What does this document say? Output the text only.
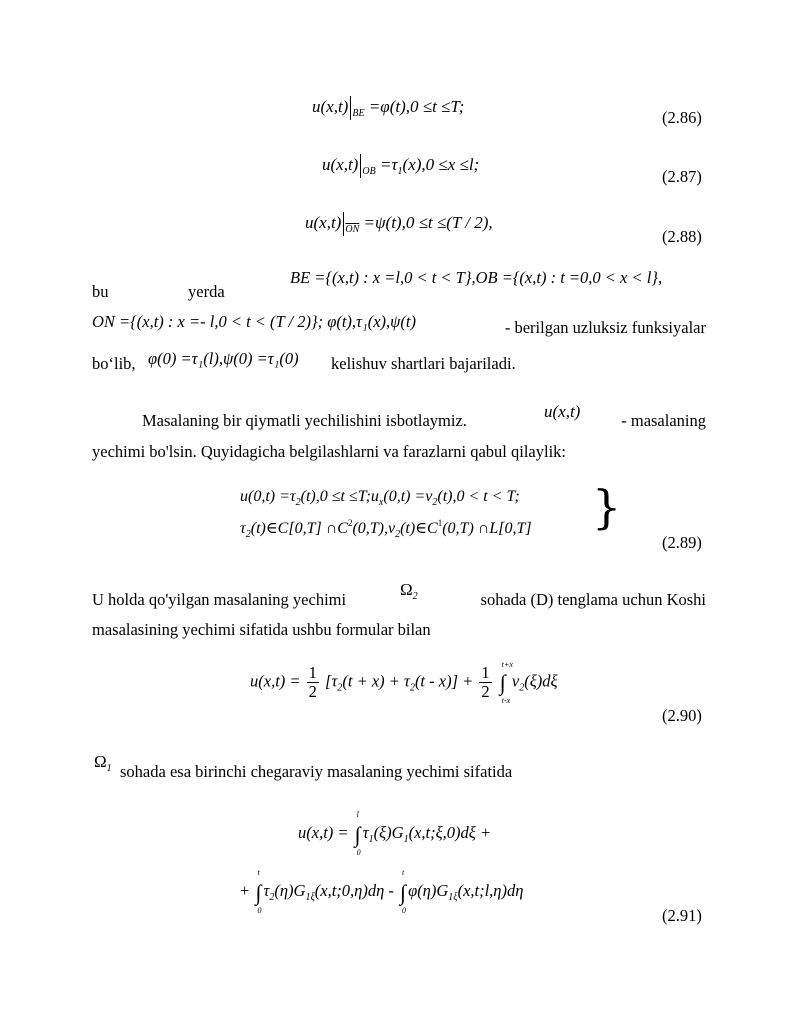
u(x,t) $_{BE}$ =φ(t),0 ≤t ≤T;
(2.86)
u(x,t) $_{OB} =\tau_1(x),0 \le x \le l$;
(2.87)
u(x,t) $_{\overline{ON}}$ =ψ(t),0 ≤t ≤(T / 2),
(2.88)
bu	yerda
BE ={(x,t) : x =l,0 < t < T},OB ={(x,t) : t =0,0 < x < l},
ON ={(x,t) : x =- l,0 < t < (T / 2)}; φ(t),τ₁(x),ψ(t)	- berilgan uzluksiz funksiyalar
bo‘lib, φ(0) =τ₁(l),ψ(0) =τ₁(0) kelishuv shartlari bajariladi.
Masalaning bir qiymatli yechilishini isbotlaymiz.	u(x,t)	- masalaning
yechimi bo'lsin. Quyidagicha belgilashlarni va farazlarni qabul qilaylik:
$u(0,t) =\tau_2(t),0 \le t$ $\le T;u_x(0,t) =\nu_2(t),0 < t < T$;
$\tau_2(t)\in C[0,T]$ $\cap C^2(0,T),\nu_2(t)\in C^1(0,T)$ ∩L[0,T] }
(2.89)
U holda qo'yilgan masalaning yechimi
$\Omega_2$	sohada (D) tenglama uchun Koshi
masalasining yechimi sifatida ushbu formular bilan
$u(x,t) = \frac{1}{2} [\tau_2(t + x) + \tau_2(t - x)] + \frac{1}{2}$ ∫
t+x
t-x
$\nu_2(\xi)d\xi$
(2.90)
$\Omega_1$ sohada esa birinchi chegaraviy masalaning yechimi sifatida
u(x,t) = ∫
l
0
$\tau_1(\xi)G_1(x,t;\xi,0)d\xi$ +
+ ∫
t
0
$\tau_2(\eta)G_{1\xi}(x,t;0,\eta)d\eta$ - ∫
t
0
$\varphi(\eta)G_{1\xi}(x,t;l,\eta)d\eta$
(2.91)
